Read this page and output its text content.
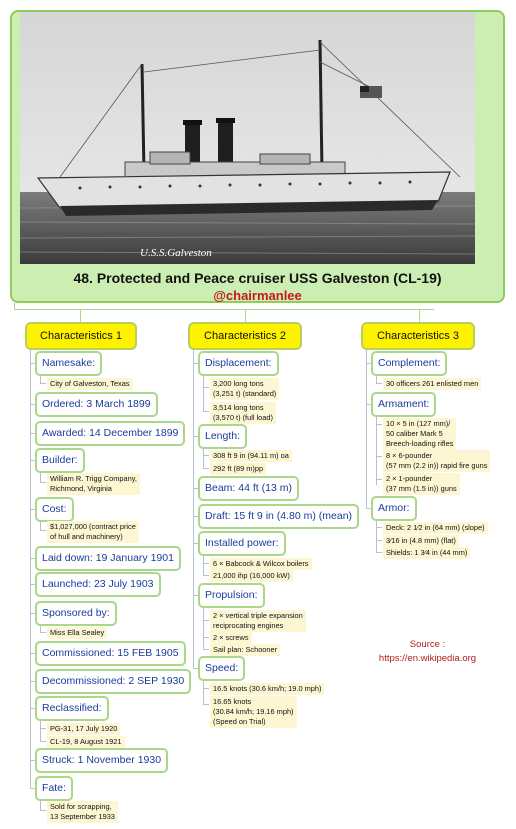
U.S.S.Galveston
48. Protected and Peace cruiser USS Galveston (CL-19)
@chairmanlee
Characteristics 1	Characteristics 2	Characteristics 3
Namesake:
City of Galveston, Texas
Ordered: 3 March 1899
Awarded: 14 December 1899
Builder:
William R. Trigg Company,
Richmond, Virginia
Cost:
$1,027,000 (contract price
of hull and machinery)
Laid down: 19 January 1901
Launched: 23 July 1903
Sponsored by:
Miss Ella Sealey
Commissioned: 15 FEB 1905
Decommissioned: 2 SEP 1930
Reclassified:
PG-31, 17 July 1920
CL-19, 8 August 1921
Struck: 1 November 1930
Fate:
Sold for scrapping,
13 September 1933
Displacement:
3,200 long tons
(3,251 t) (standard)
3,514 long tons
(3,570 t) (full load)
Length:
308 ft 9 in (94.11 m) oa
292 ft (89 m)pp
Beam: 44 ft (13 m)
Draft: 15 ft 9 in (4.80 m) (mean)
Installed power:
6 × Babcock & Wilcox boilers
21,000 ihp (16,000 kW)
Propulsion:
2 × vertical triple expansion
reciprocating engines
2 × screws
Sail plan: Schooner
Speed:
16.5 knots (30.6 km/h; 19.0 mph)
16.65 knots
(30.84 km/h; 19.16 mph)
(Speed on Trial)
Complement:
30 officers 261 enlisted men
Armament:
10 × 5 in (127 mm)/
50 caliber Mark 5
Breech-loading rifles
8 × 6-pounder
(57 mm (2.2 in)) rapid fire guns
2 × 1-pounder
(37 mm (1.5 in)) guns
Armor:
Deck: 2 1⁄2 in (64 mm) (slope)
3⁄16 in (4.8 mm) (flat)
Shields: 1 3⁄4 in (44 mm)
Source :
https://en.wikipedia.org
